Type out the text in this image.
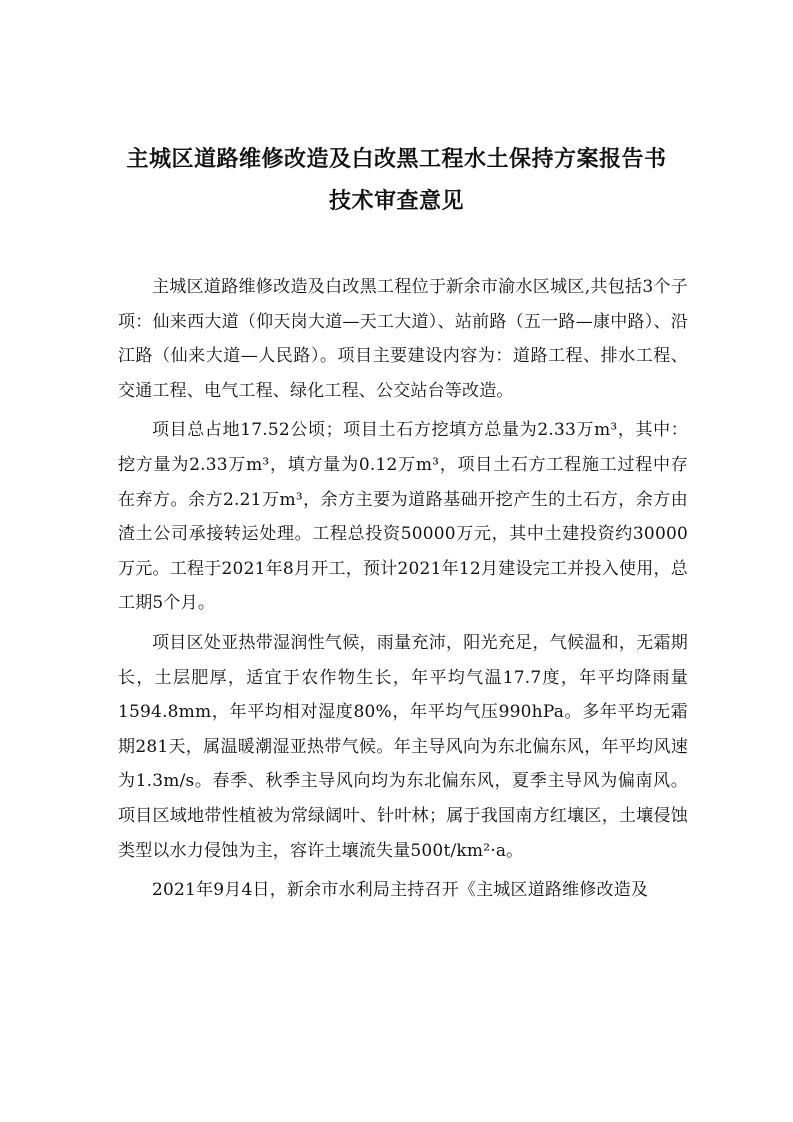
主城区道路维修改造及白改黑工程水土保持方案报告书
技术审查意见

主城区道路维修改造及白改黑工程位于新余市渝水区城区,共包括3个子项：仙来西大道（仰天岗大道—天工大道）、站前路（五一路—康中路）、沿江路（仙来大道—人民路）。项目主要建设内容为：道路工程、排水工程、交通工程、电气工程、绿化工程、公交站台等改造。

项目总占地17.52公顷；项目土石方挖填方总量为2.33万m³，其中：挖方量为2.33万m³，填方量为0.12万m³，项目土石方工程施工过程中存在弃方。余方2.21万m³，余方主要为道路基础开挖产生的土石方，余方由渣土公司承接转运处理。工程总投资50000万元，其中土建投资约30000万元。工程于2021年8月开工，预计2021年12月建设完工并投入使用，总工期5个月。

项目区处亚热带湿润性气候，雨量充沛，阳光充足，气候温和，无霜期长，土层肥厚，适宜于农作物生长，年平均气温17.7度，年平均降雨量1594.8mm，年平均相对湿度80%，年平均气压990hPa。多年平均无霜期281天，属温暖潮湿亚热带气候。年主导风向为东北偏东风，年平均风速为1.3m/s。春季、秋季主导风向均为东北偏东风，夏季主导风为偏南风。项目区域地带性植被为常绿阔叶、针叶林；属于我国南方红壤区，土壤侵蚀类型以水力侵蚀为主，容许土壤流失量500t/km²·a。

2021年9月4日，新余市水利局主持召开《主城区道路维修改造及
